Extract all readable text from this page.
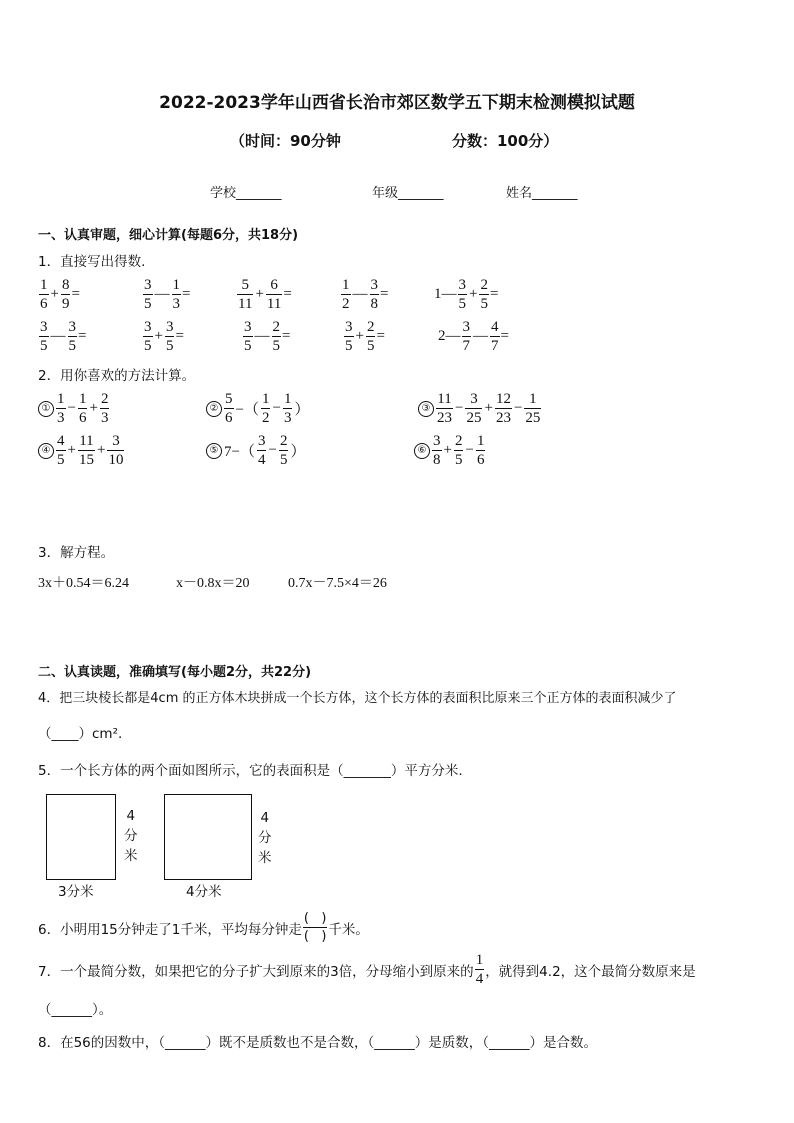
2022-2023学年山西省长治市郊区数学五下期末检测模拟试题
（时间：90分钟	分数：100分）
学校_______	年级_______	姓名_______
一、认真审题，细心计算(每题6分，共18分)
1．直接写出得数.
$\frac{1}{6} + \frac{8}{9}$ =	$\frac{3}{5}$ — $\frac{1}{3}$ =	$\frac{5}{11} + \frac{6}{11}$ =	$\frac{1}{2}$ — $\frac{3}{8}$ =	1— $\frac{3}{5} + \frac{2}{5}$ =
$\frac{3}{5}$ — $\frac{3}{5}$ =	$\frac{3}{5} + \frac{3}{5}$ =	$\frac{3}{5}$ — $\frac{2}{5}$ =	$\frac{3}{5} + \frac{2}{5}$ =	2— $\frac{3}{7}$ — $\frac{4}{7}$ =
2．用你喜欢的方法计算。
① $\frac{1}{3} - \frac{1}{6} + \frac{2}{3}$	② $\frac{5}{6}$ −（ $\frac{1}{2} - \frac{1}{3}$ ）	③ $\frac{11}{23} - \frac{3}{25} + \frac{12}{23} - \frac{1}{25}$
④ $\frac{4}{5} + \frac{11}{15} + \frac{3}{10}$	⑤ $7-( \frac{3}{4} - \frac{2}{5}$ ）	⑥ $\frac{3}{8} + \frac{2}{5} - \frac{1}{6}$
3．解方程。
3x＋0.54＝6.24	x－0.8x＝20	0.7x－7.5×4＝26
二、认真读题，准确填写(每小题2分，共22分)
4．把三块棱长都是4cm 的正方体木块拼成一个长方体，这个长方体的表面积比原来三个正方体的表面积减少了
（____）cm².
5．一个长方体的两个面如图所示，它的表面积是（_______）平方分米.
4
分
米
3分米
4
分
米
4分米
6．小明用15分钟走了1千米，平均每分钟走 $\frac{( )}{( )}$ 千米。
7．一个最简分数，如果把它的分子扩大到原来的3倍，分母缩小到原来的 $\frac{1}{4}$ ，就得到4.2，这个最简分数原来是
（______）。
8．在56的因数中，（______）既不是质数也不是合数，（______）是质数，（______）是合数。
